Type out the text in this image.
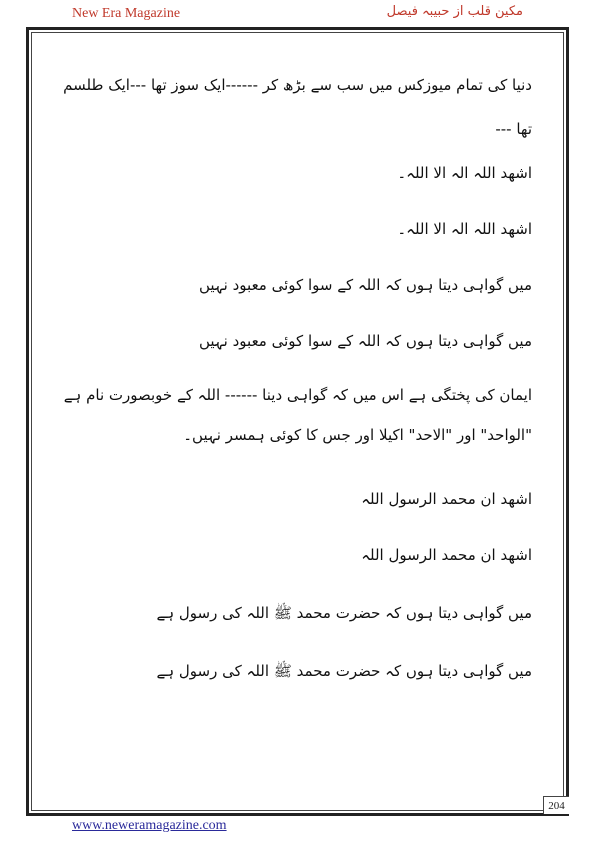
New Era Magazine	مکین قلب از حبیبہ فیصل

دنیا کی تمام میوزکس میں سب سے بڑھ کر ------ایک سوز تھا ---ایک طلسم

تھا ---

اشھد اللہ الہ الا اللہ۔

اشھد اللہ الہ الا اللہ۔

میں گواہی دیتا ہوں کہ اللہ کے سوا کوئی معبود نہیں

میں گواہی دیتا ہوں کہ اللہ کے سوا کوئی معبود نہیں

ایمان کی پختگی ہے اس میں کہ گواہی دینا ------ اللہ کے خوبصورت نام ہے

"الواحد" اور "الاحد" اکیلا اور جس کا کوئی ہمسر نہیں۔

اشھد ان محمد الرسول اللہ

اشھد ان محمد الرسول اللہ

میں گواہی دیتا ہوں کہ حضرت محمد ﷺ اللہ کی رسول ہے

میں گواہی دیتا ہوں کہ حضرت محمد ﷺ اللہ کی رسول ہے

204
www.neweramagazine.com
